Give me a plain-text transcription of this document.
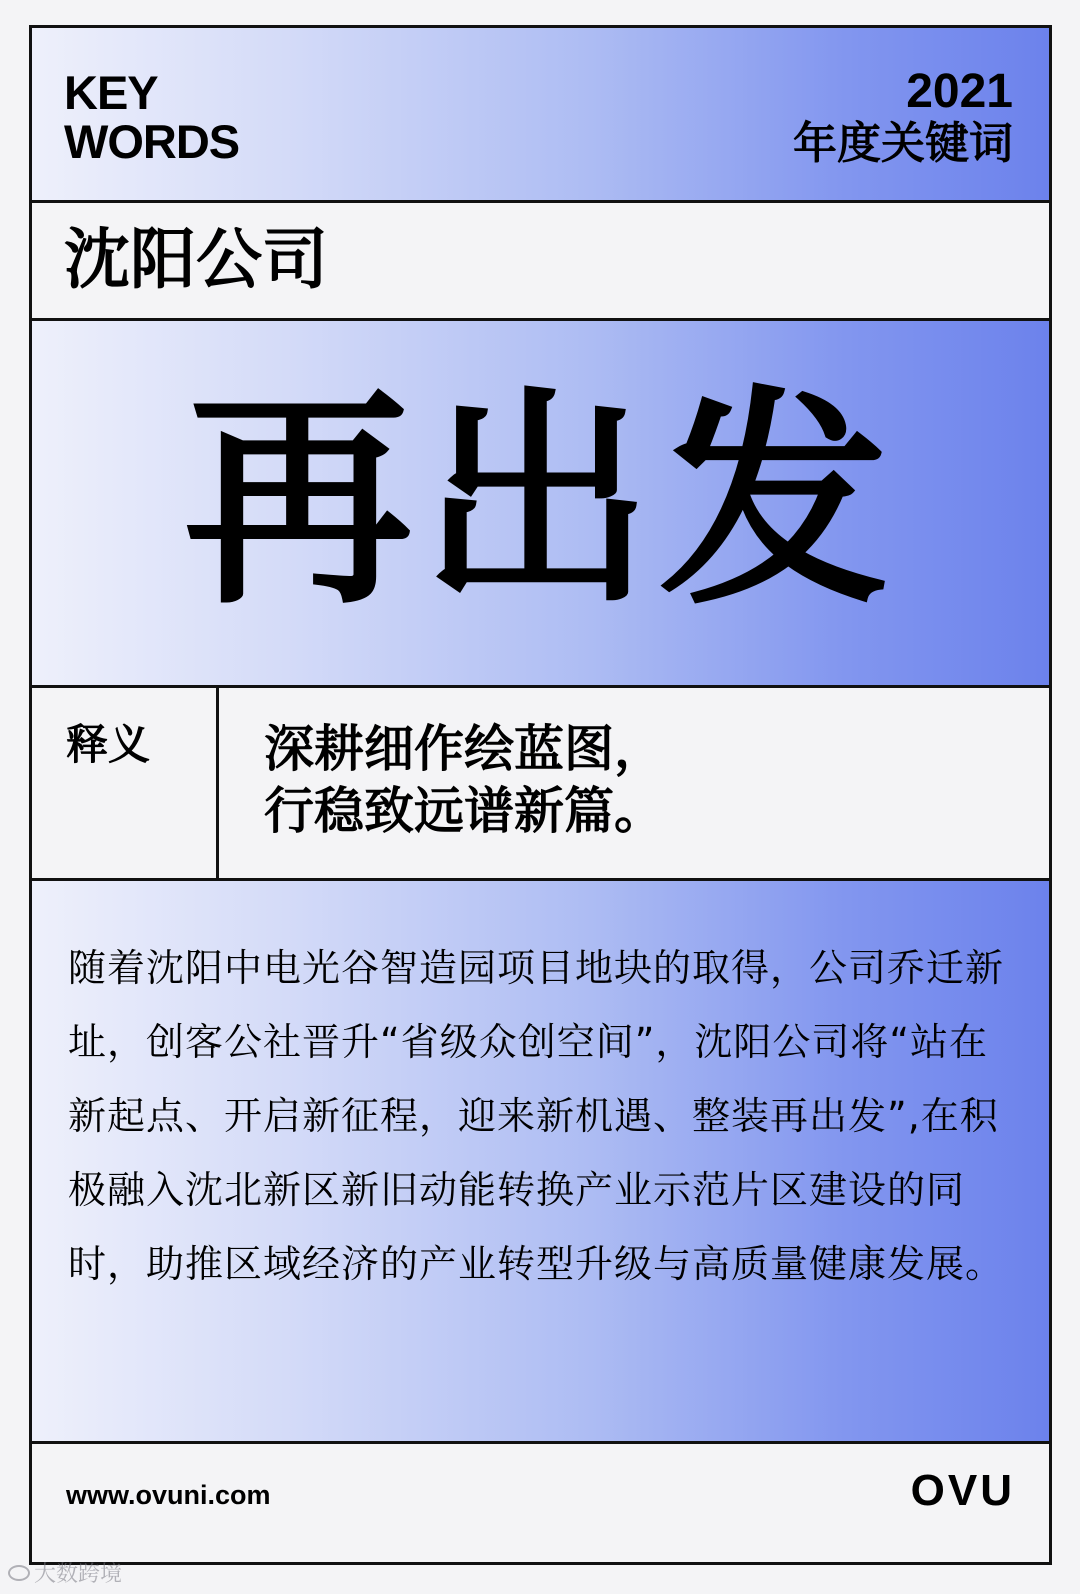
KEY
WORDS
2021
年度关键词
沈阳公司
再出发
释义 深耕细作绘蓝图，
行稳致远谱新篇。
随着沈阳中电光谷智造园项目地块的取得，公司乔迁新址，创客公社晋升“省级众创空间”，沈阳公司将“站在新起点、开启新征程，迎来新机遇、整装再出发”,在积极融入沈北新区新旧动能转换产业示范片区建设的同时，助推区域经济的产业转型升级与高质量健康发展。
www.ovuni.com	OVU
大数跨境
